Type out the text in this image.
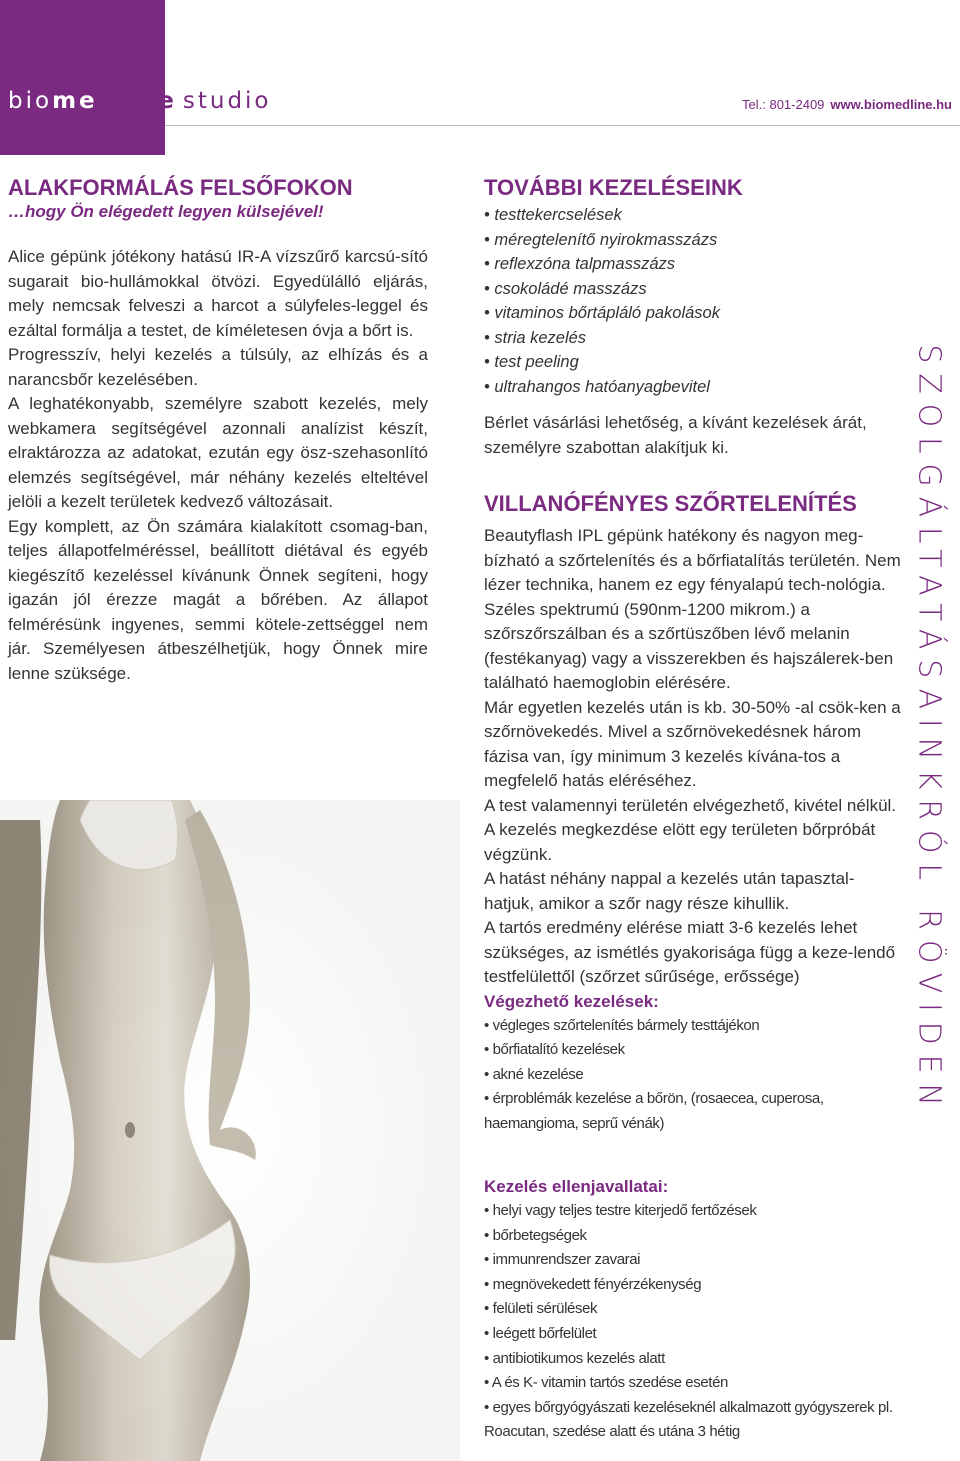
biomedline studio	Tel.: 801-2409 www.biomedline.hu
ALAKFORMÁLÁS FELSŐFOKON
…hogy Ön elégedett legyen külsejével!

Alice gépünk jótékony hatású IR-A vízszűrő karcsú-sító sugarait bio-hullámokkal ötvözi. Egyedülálló eljárás, mely nemcsak felveszi a harcot a súlyfeles-leggel és ezáltal formálja a testet, de kíméletesen óvja a bőrt is.

Progresszív, helyi kezelés a túlsúly, az elhízás és a narancsbőr kezelésében.

A leghatékonyabb, személyre szabott kezelés, mely webkamera segítségével azonnali analízist készít, elraktározza az adatokat, ezután egy ösz-szehasonlító elemzés segítségével, már néhány kezelés elteltével jelöli a kezelt területek kedvező változásait.

Egy komplett, az Ön számára kialakított csomag-ban, teljes állapotfelméréssel, beállított diétával és egyéb kiegészítő kezeléssel kívánunk Önnek segíteni, hogy igazán jól érezze magát a bőrében. Az állapot felmérésünk ingyenes, semmi kötele-zettséggel nem jár. Személyesen átbeszélhetjük, hogy Önnek mire lenne szüksége.

TOVÁBBI KEZELÉSEINK
• testtekercselések
• méregtelenítő nyirokmasszázs
• reflexzóna talpmasszázs
• csokoládé masszázs
• vitaminos bőrtápláló pakolások
• stria kezelés
• test peeling
• ultrahangos hatóanyagbevitel

Bérlet vásárlási lehetőség, a kívánt kezelések árát, személyre szabottan alakítjuk ki.

VILLANÓFÉNYES SZŐRTELENÍTÉS

Beautyflash IPL gépünk hatékony és nagyon meg-bízható a szőrtelenítés és a bőrfiatalítás területén. Nem lézer technika, hanem ez egy fényalapú tech-nológia. Széles spektrumú (590nm-1200 mikrom.) a szőrszőrszálban és a szőrtüszőben lévő melanin (festékanyag) vagy a visszerekben és hajszálerek-ben található haemoglobin elérésére.

Már egyetlen kezelés után is kb. 30-50% -al csök-ken a szőrnövekedés. Mivel a szőrnövekedésnek három fázisa van, így minimum 3 kezelés kívána-tos a megfelelő hatás eléréséhez.

A test valamennyi területén elvégezhető, kivétel nélkül. A kezelés megkezdése elött egy területen bőrpróbát végzünk.

A hatást néhány nappal a kezelés után tapasztal-hatjuk, amikor a szőr nagy része kihullik.

A tartós eredmény elérése miatt 3-6 kezelés lehet szükséges, az ismétlés gyakorisága függ a keze-lendő testfelülettől (szőrzet sűrűsége, erőssége)

Végezhető kezelések:
• végleges szőrtelenítés bármely testtájékon
• bőrfiatalító kezelések
• akné kezelése
• érproblémák kezelése a bőrön, (rosaecea, cuperosa, haemangioma, seprű vénák)
Kezelés ellenjavallatai:
• helyi vagy teljes testre kiterjedő fertőzések
• bőrbetegségek
• immunrendszer zavarai
• megnövekedett fényérzékenység
• felületi sérülések
• leégett bőrfelület
• antibiotikumos kezelés alatt
• A és K- vitamin tartós szedése esetén
• egyes bőrgyógyászati kezeléseknél alkalmazott gyógyszerek pl. Roacutan, szedése alatt és utána 3 hétig
SZOLGÁLTATÁSAINKRÓL RÖVIDEN
